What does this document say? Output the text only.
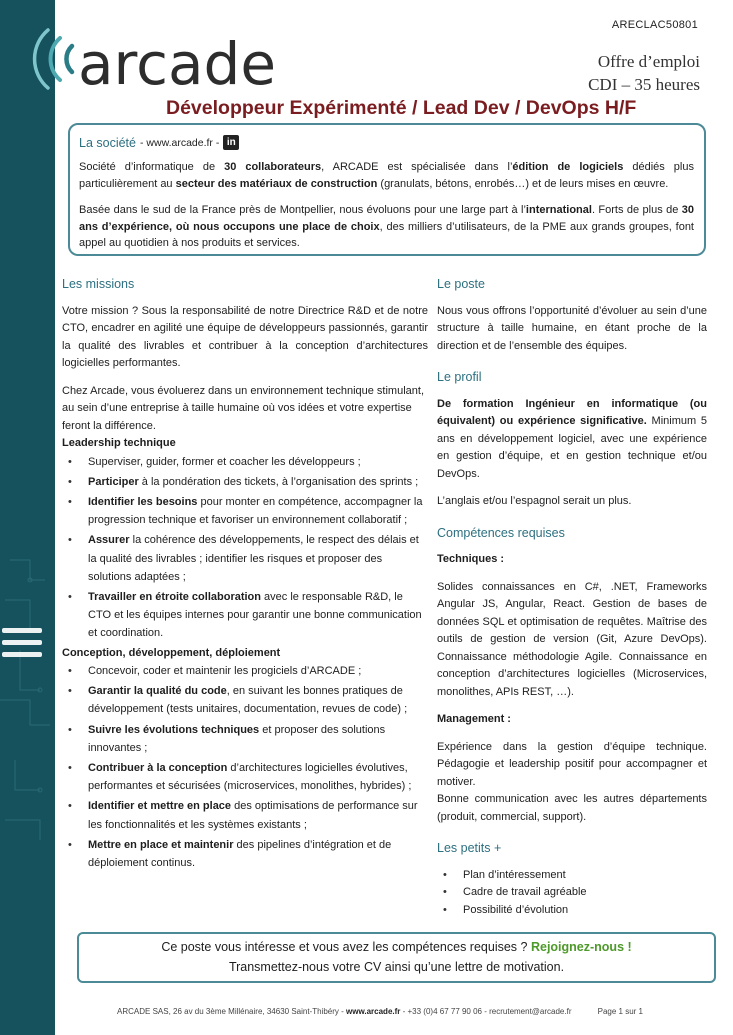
arcade
ARECLAC50801
Offre d’emploi
CDI – 35 heures
Développeur Expérimenté / Lead Dev / DevOps H/F
La société - www.arcade.fr - in

Société d’informatique de 30 collaborateurs, ARCADE est spécialisée dans l’édition de logiciels dédiés plus particulièrement au secteur des matériaux de construction (granulats, bétons, enrobés…) et de leurs mises en œuvre.

Basée dans le sud de la France près de Montpellier, nous évoluons pour une large part à l’international. Forts de plus de 30 ans d’expérience, où nous occupons une place de choix, des milliers d’utilisateurs, de la PME aux grands groupes, font appel au quotidien à nos produits et services.

Les missions

Votre mission ? Sous la responsabilité de notre Directrice R&D et de notre CTO, encadrer en agilité une équipe de développeurs passionnés, garantir la qualité des livrables et contribuer à la conception d’architectures logicielles performantes.

Chez Arcade, vous évoluerez dans un environnement technique stimulant, au sein d’une entreprise à taille humaine où vos idées et votre expertise feront la différence.

Leadership technique
• Superviser, guider, former et coacher les développeurs ;
• Participer à la pondération des tickets, à l’organisation des sprints ;
• Identifier les besoins pour monter en compétence, accompagner la progression technique et favoriser un environnement collaboratif ;
• Assurer la cohérence des développements, le respect des délais et la qualité des livrables ; identifier les risques et proposer des solutions adaptées ;
• Travailler en étroite collaboration avec le responsable R&D, le CTO et les équipes internes pour garantir une bonne communication et coordination.
Conception, développement, déploiement
• Concevoir, coder et maintenir les progiciels d’ARCADE ;
• Garantir la qualité du code, en suivant les bonnes pratiques de développement (tests unitaires, documentation, revues de code) ;
• Suivre les évolutions techniques et proposer des solutions innovantes ;
• Contribuer à la conception d’architectures logicielles évolutives, performantes et sécurisées (microservices, monolithes, hybrides) ;
• Identifier et mettre en place des optimisations de performance sur les fonctionnalités et les systèmes existants ;
• Mettre en place et maintenir des pipelines d’intégration et de déploiement continus.
Le poste

Nous vous offrons l’opportunité d’évoluer au sein d’une structure à taille humaine, en étant proche de la direction et de l’ensemble des équipes.

Le profil

De formation Ingénieur en informatique (ou équivalent) ou expérience significative. Minimum 5 ans en développement logiciel, avec une expérience en gestion d’équipe, et en gestion technique et/ou DevOps.

L’anglais et/ou l’espagnol serait un plus.

Compétences requises

Techniques :

Solides connaissances en C#, .NET, Frameworks Angular JS, Angular, React. Gestion de bases de données SQL et optimisation de requêtes. Maîtrise des outils de gestion de version (Git, Azure DevOps). Connaissance méthodologie Agile. Connaissance en conception d’architectures logicielles (Microservices, monolithes, APIs REST, …).

Management :

Expérience dans la gestion d’équipe technique. Pédagogie et leadership positif pour accompagner et motiver.

Bonne communication avec les autres départements (produit, commercial, support).

Les petits +
• Plan d’intéressement
• Cadre de travail agréable
• Possibilité d’évolution
Ce poste vous intéresse et vous avez les compétences requises ? Rejoignez-nous !
Transmettez-nous votre CV ainsi qu’une lettre de motivation.
ARCADE SAS, 26 av du 3ème Millénaire, 34630 Saint-Thibéry - www.arcade.fr - +33 (0)4 67 77 90 06 - recrutement@arcade.fr	Page 1 sur 1
